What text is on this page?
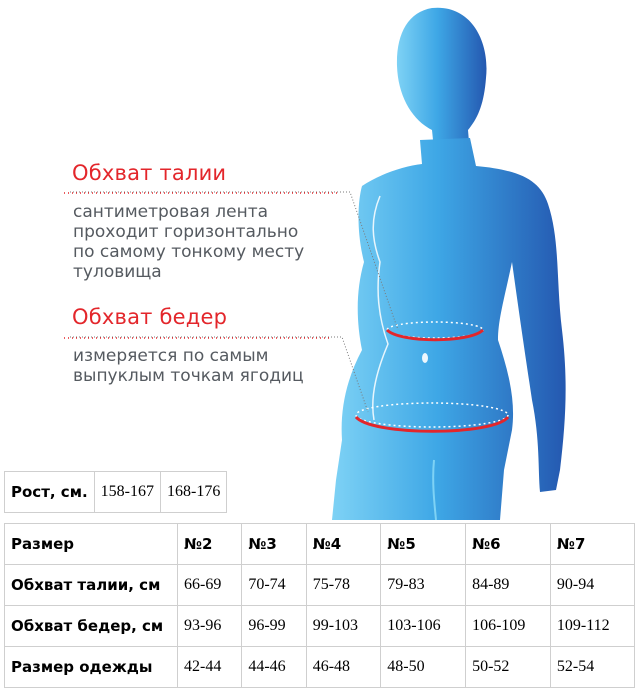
Обхват талии
сантиметровая лента
проходит горизонтально
по самому тонкому месту
туловища
Обхват бедер
измеряется по самым
выпуклым точкам ягодиц
Рост, см.	158-167	168-176
Размер	№2	№3	№4	№5	№6	№7
Обхват талии, см	66-69	70-74	75-78	79-83	84-89	90-94
Обхват бедер, см	93-96	96-99	99-103	103-106	106-109	109-112
Размер одежды	42-44	44-46	46-48	48-50	50-52	52-54
